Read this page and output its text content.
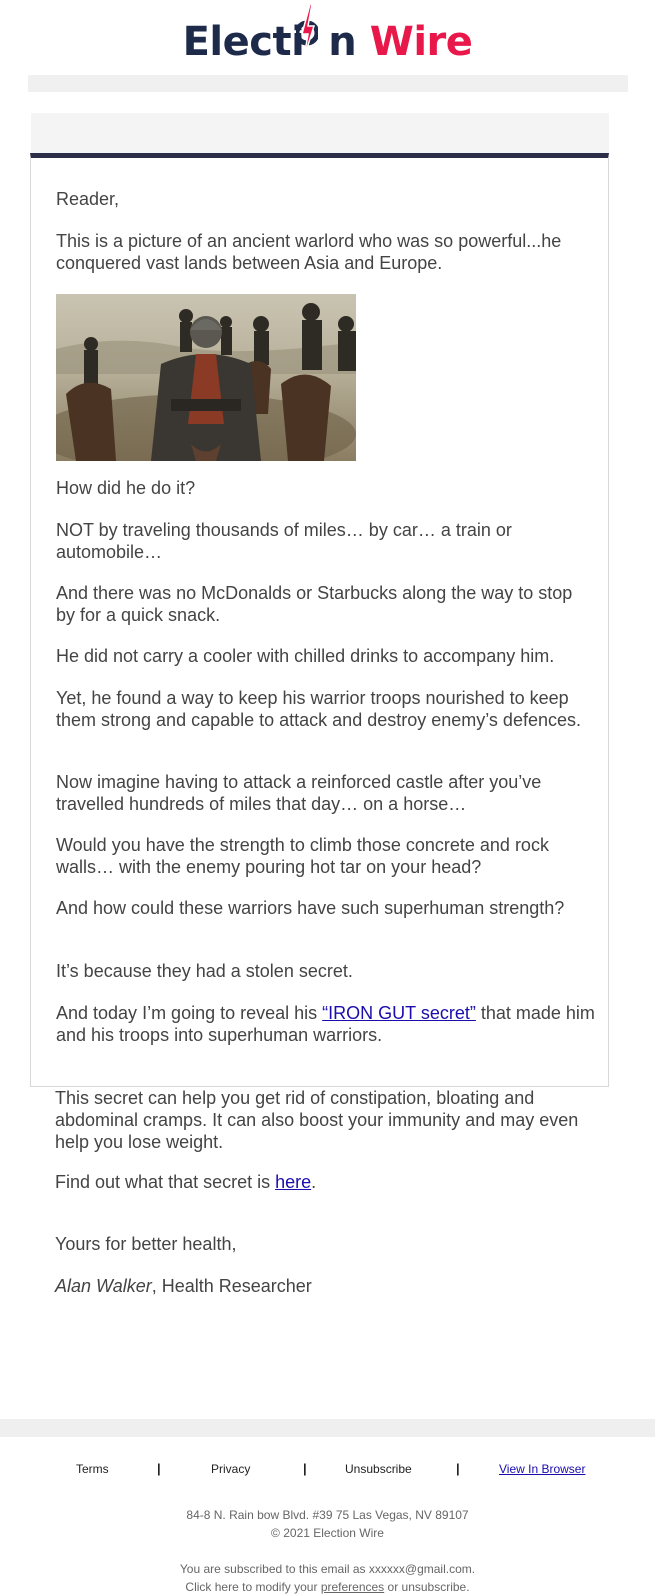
Electi n Wire

Reader,

This is a picture of an ancient warlord who was so powerful...he conquered vast lands between Asia and Europe.

How did he do it?

NOT by traveling thousands of miles… by car… a train or automobile…

And there was no McDonalds or Starbucks along the way to stop by for a quick snack.

He did not carry a cooler with chilled drinks to accompany him.

Yet, he found a way to keep his warrior troops nourished to keep them strong and capable to attack and destroy enemy’s defences.

Now imagine having to attack a reinforced castle after you’ve travelled hundreds of miles that day… on a horse…

Would you have the strength to climb those concrete and rock walls… with the enemy pouring hot tar on your head?

And how could these warriors have such superhuman strength?

It’s because they had a stolen secret.

And today I’m going to reveal his “IRON GUT secret” that made him and his troops into superhuman warriors.

This secret can help you get rid of constipation, bloating and abdominal cramps. It can also boost your immunity and may even help you lose weight.

Find out what that secret is here.

Yours for better health,

Alan Walker, Health Researcher

Terms	|	Privacy	|	Unsubscribe	|	View In Browser
84-8 N. Rain bow Blvd. #39 75 Las Vegas, NV 89107
© 2021 Election Wire
You are subscribed to this email as xxxxxx@gmail.com.
Click here to modify your preferences or unsubscribe.
